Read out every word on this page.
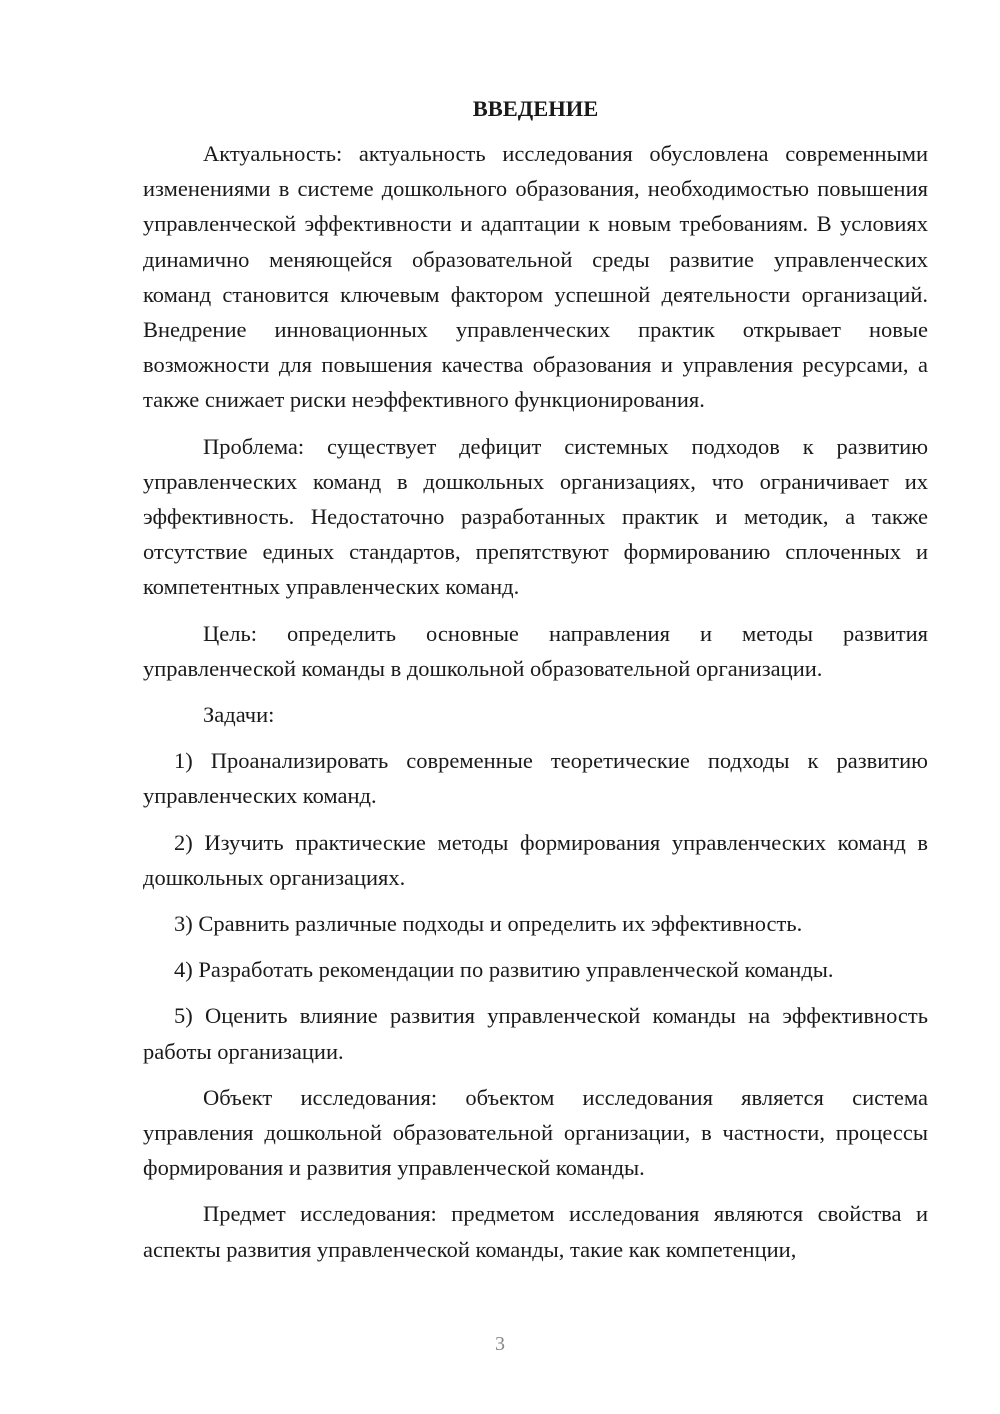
ВВЕДЕНИЕ

Актуальность: актуальность исследования обусловлена современными изменениями в системе дошкольного образования, необходимостью повышения управленческой эффективности и адаптации к новым требованиям. В условиях динамично меняющейся образовательной среды развитие управленческих команд становится ключевым фактором успешной деятельности организаций. Внедрение инновационных управленческих практик открывает новые возможности для повышения качества образования и управления ресурсами, а также снижает риски неэффективного функционирования.

Проблема: существует дефицит системных подходов к развитию управленческих команд в дошкольных организациях, что ограничивает их эффективность. Недостаточно разработанных практик и методик, а также отсутствие единых стандартов, препятствуют формированию сплоченных и компетентных управленческих команд.

Цель: определить основные направления и методы развития управленческой команды в дошкольной образовательной организации.

Задачи:

1) Проанализировать современные теоретические подходы к развитию управленческих команд.

2) Изучить практические методы формирования управленческих команд в дошкольных организациях.

3) Сравнить различные подходы и определить их эффективность.

4) Разработать рекомендации по развитию управленческой команды.

5) Оценить влияние развития управленческой команды на эффективность работы организации.

Объект исследования: объектом исследования является система управления дошкольной образовательной организации, в частности, процессы формирования и развития управленческой команды.

Предмет исследования: предметом исследования являются свойства и аспекты развития управленческой команды, такие как компетенции,

3
